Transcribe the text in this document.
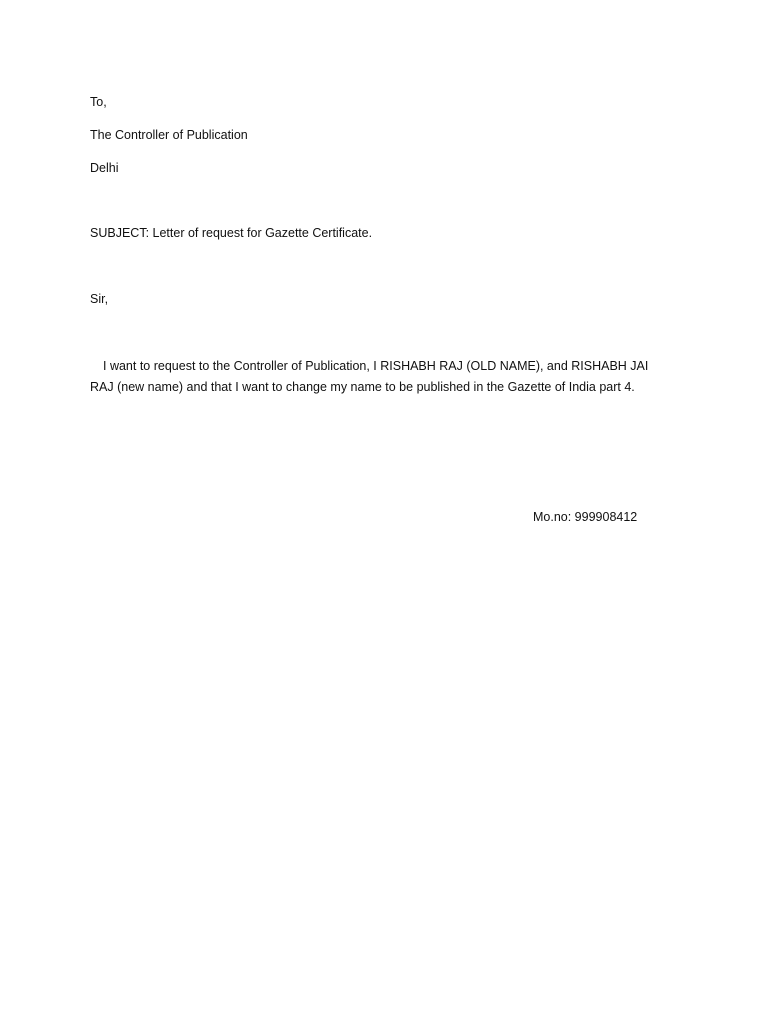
To,
The Controller of Publication
Delhi
SUBJECT: Letter of request for Gazette Certificate.
Sir,
I want to request to the Controller of Publication, I RISHABH RAJ (OLD NAME), and RISHABH JAI RAJ (new name) and that I want to change my name to be published in the Gazette of India part 4.
Mo.no: 999908412
